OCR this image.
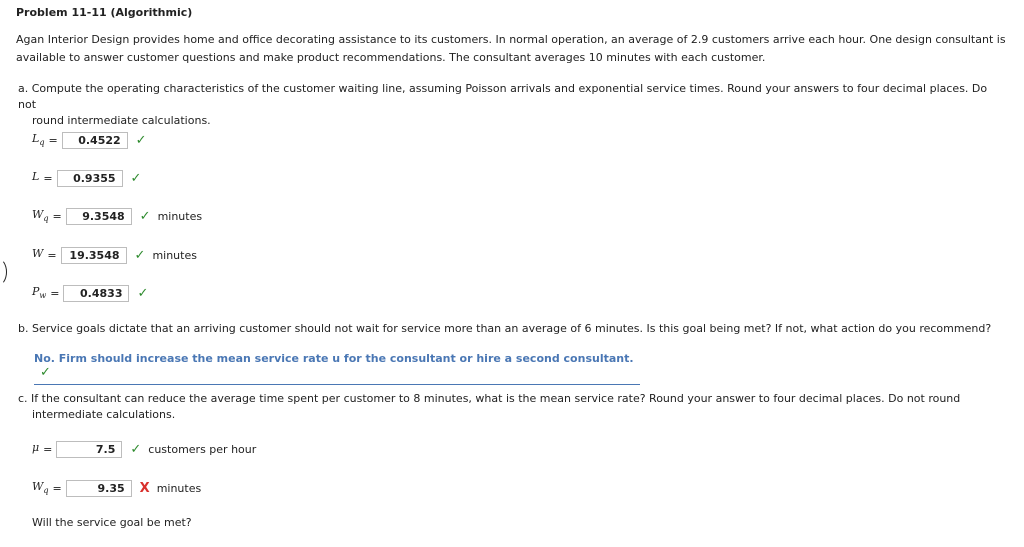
Problem 11-11 (Algorithmic)
Agan Interior Design provides home and office decorating assistance to its customers. In normal operation, an average of 2.9 customers arrive each hour. One design consultant is
available to answer customer questions and make product recommendations. The consultant averages 10 minutes with each customer.
a. Compute the operating characteristics of the customer waiting line, assuming Poisson arrivals and exponential service times. Round your answers to four decimal places. Do not
round intermediate calculations.
$L_q$ =	0.4522	✓
L =	0.9355	✓
$W_q$ =	9.3548	✓ minutes
W =	19.3548	✓ minutes
$P_w$ =	0.4833	✓
b. Service goals dictate that an arriving customer should not wait for service more than an average of 6 minutes. Is this goal being met? If not, what action do you recommend?
No. Firm should increase the mean service rate u for the consultant or hire a second consultant. ✓
c. If the consultant can reduce the average time spent per customer to 8 minutes, what is the mean service rate? Round your answer to four decimal places. Do not round
intermediate calculations.
μ =	7.5	✓ customers per hour
$W_q$ =	9.35	X minutes
Will the service goal be met?
